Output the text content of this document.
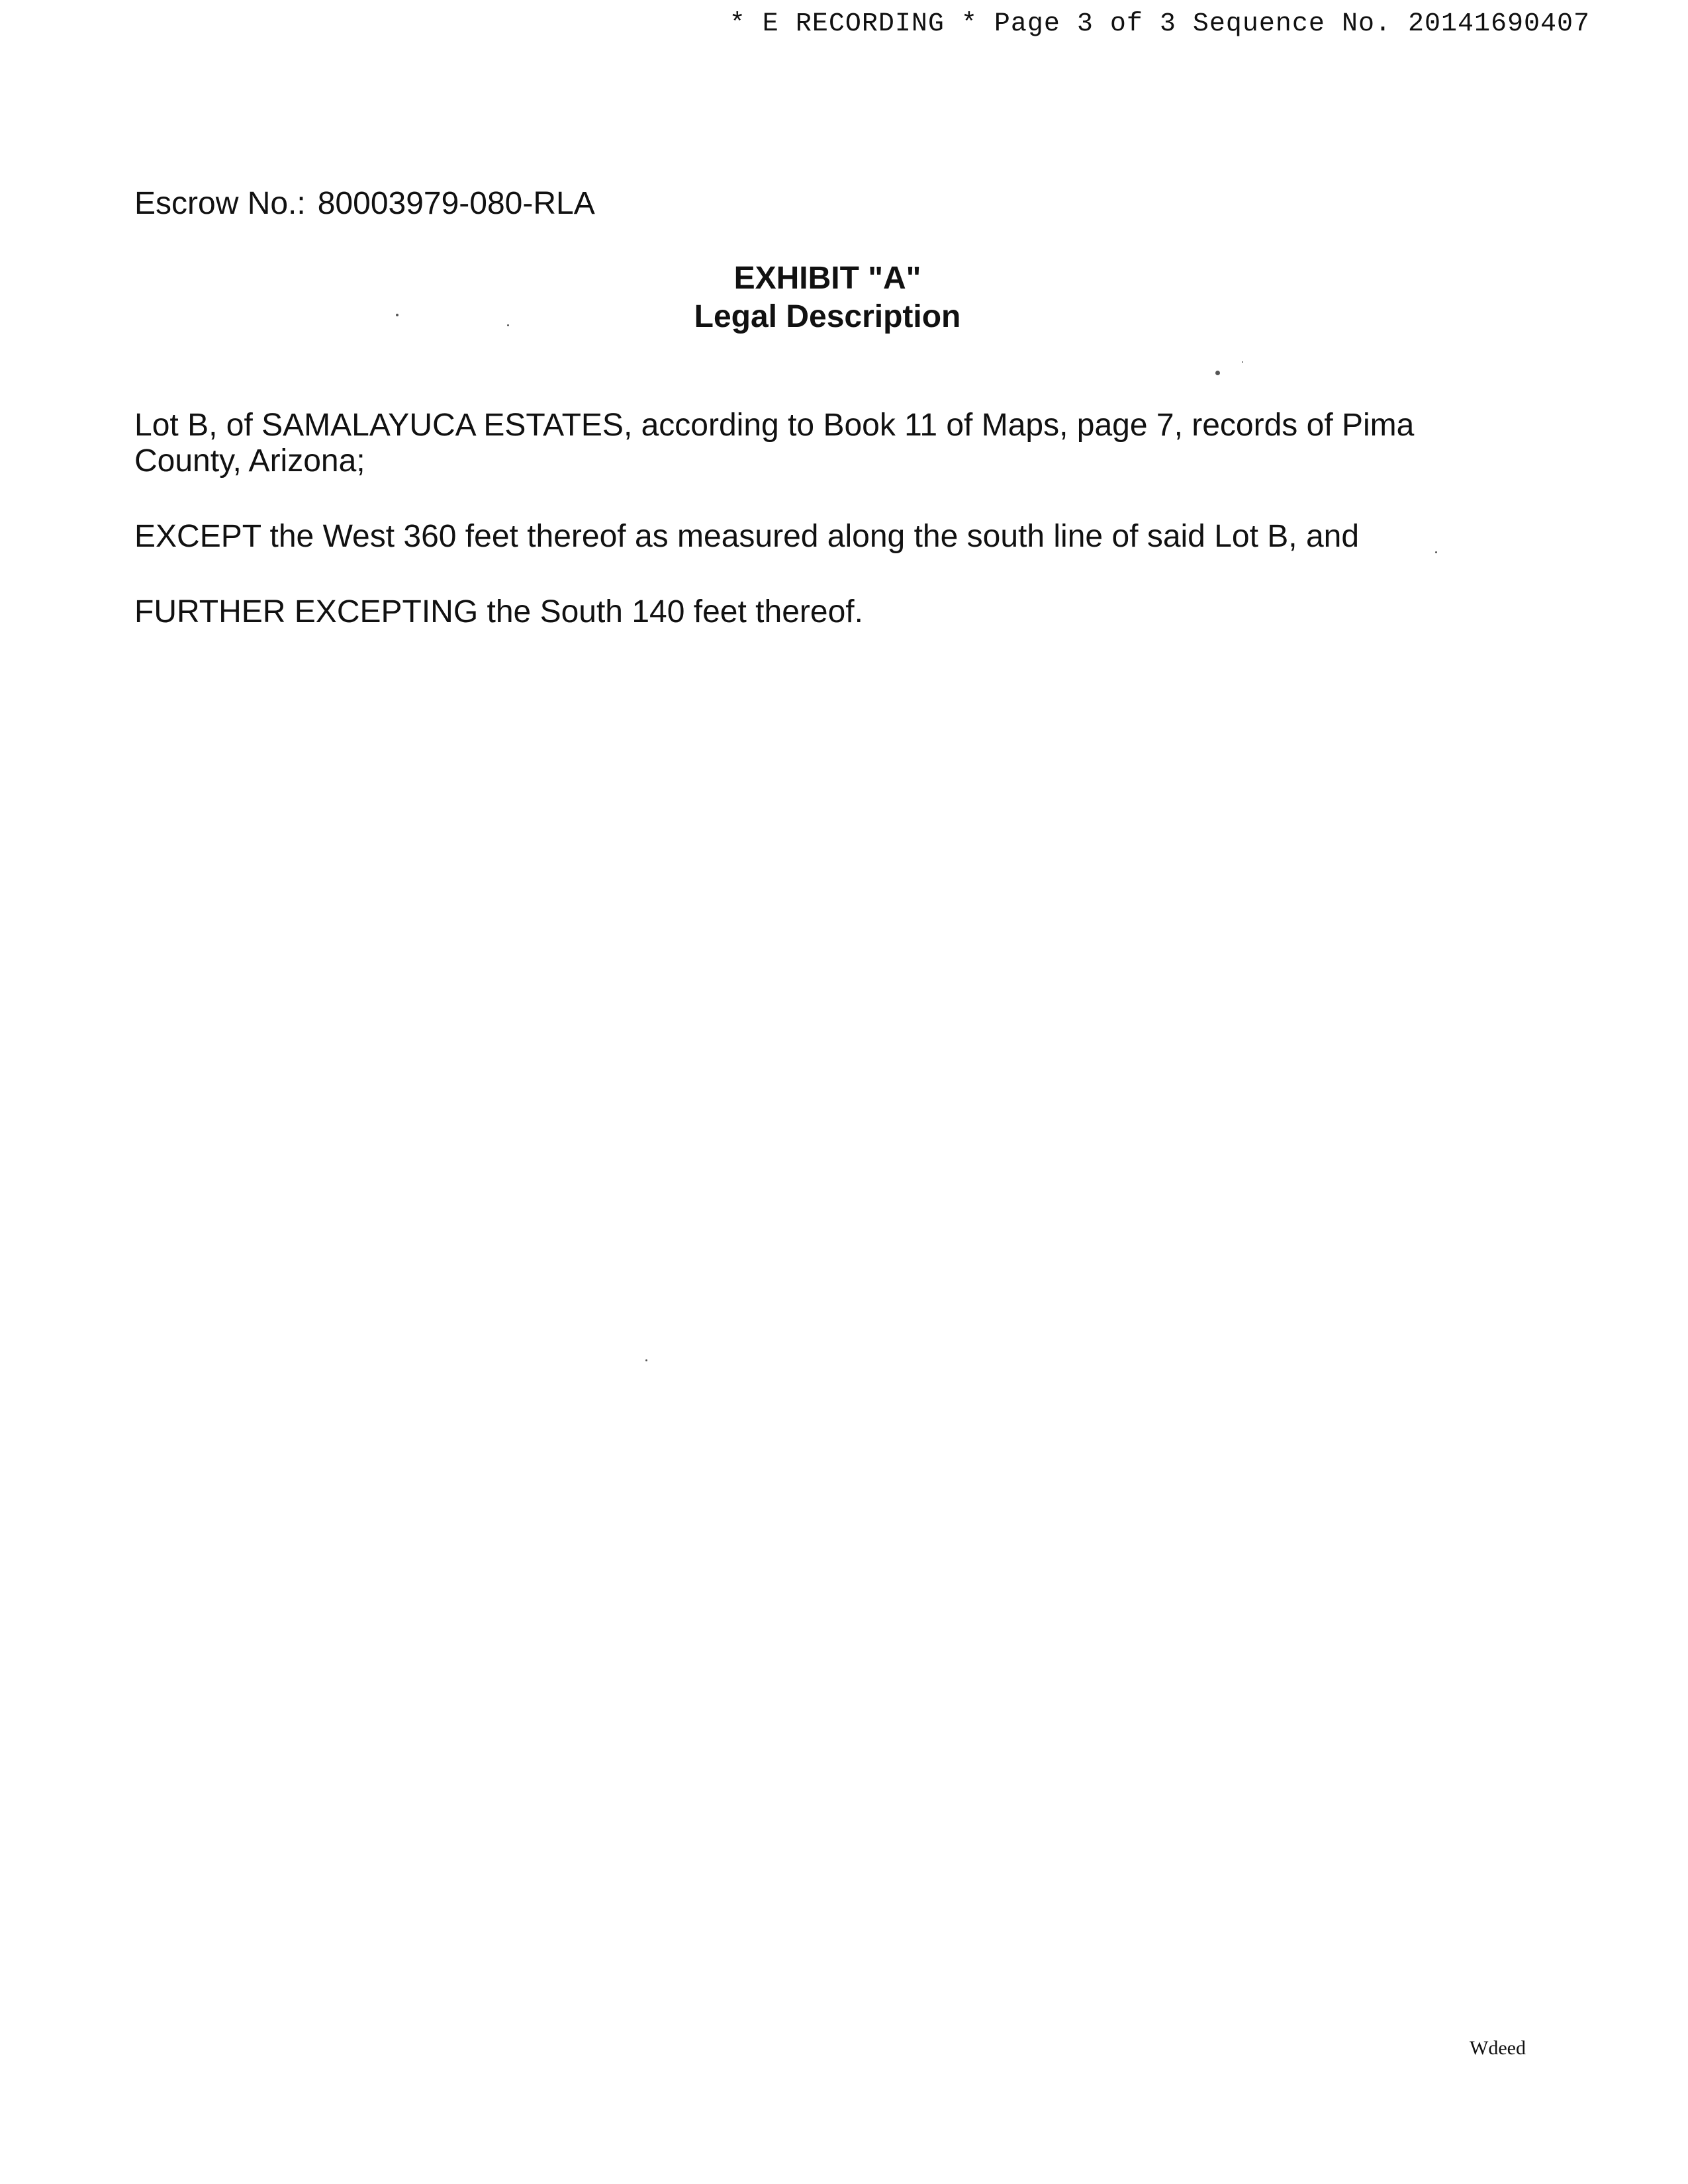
* E RECORDING * Page 3 of 3 Sequence No. 20141690407
Escrow No.: 80003979-080-RLA
EXHIBIT "A"
Legal Description

Lot B, of SAMALAYUCA ESTATES, according to Book 11 of Maps, page 7, records of Pima County, Arizona;

EXCEPT the West 360 feet thereof as measured along the south line of said Lot B, and

FURTHER EXCEPTING the South 140 feet thereof.

Wdeed
